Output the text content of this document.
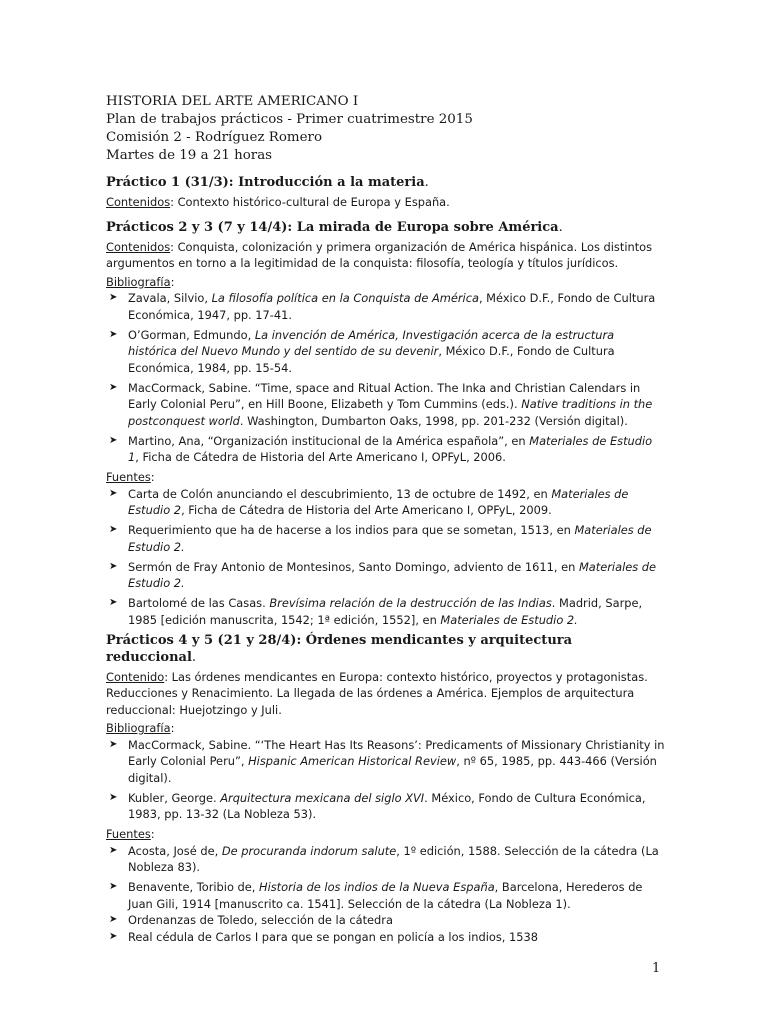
HISTORIA DEL ARTE AMERICANO I
Plan de trabajos prácticos - Primer cuatrimestre 2015
Comisión 2 - Rodríguez Romero
Martes de 19 a 21 horas
Práctico 1 (31/3): Introducción a la materia.

Contenidos: Contexto histórico-cultural de Europa y España.

Prácticos 2 y 3 (7 y 14/4): La mirada de Europa sobre América.

Contenidos: Conquista, colonización y primera organización de América hispánica. Los distintos argumentos en torno a la legitimidad de la conquista: filosofía, teología y títulos jurídicos.

Bibliografía:

➤ Zavala, Silvio, La filosofía política en la Conquista de América, México D.F., Fondo de Cultura Económica, 1947, pp. 17-41.
➤ O’Gorman, Edmundo, La invención de América, Investigación acerca de la estructura histórica del Nuevo Mundo y del sentido de su devenir, México D.F., Fondo de Cultura Económica, 1984, pp. 15-54.
➤ MacCormack, Sabine. “Time, space and Ritual Action. The Inka and Christian Calendars in Early Colonial Peru”, en Hill Boone, Elizabeth y Tom Cummins (eds.). Native traditions in the postconquest world. Washington, Dumbarton Oaks, 1998, pp. 201-232 (Versión digital).
➤ Martino, Ana, “Organización institucional de la América española”, en Materiales de Estudio 1, Ficha de Cátedra de Historia del Arte Americano I, OPFyL, 2006.

Fuentes:

➤ Carta de Colón anunciando el descubrimiento, 13 de octubre de 1492, en Materiales de Estudio 2, Ficha de Cátedra de Historia del Arte Americano I, OPFyL, 2009.
➤ Requerimiento que ha de hacerse a los indios para que se sometan, 1513, en Materiales de Estudio 2.
➤ Sermón de Fray Antonio de Montesinos, Santo Domingo, adviento de 1611, en Materiales de Estudio 2.
➤ Bartolomé de las Casas. Brevísima relación de la destrucción de las Indias. Madrid, Sarpe, 1985 [edición manuscrita, 1542; 1ª edición, 1552], en Materiales de Estudio 2.
Prácticos 4 y 5 (21 y 28/4): Órdenes mendicantes y arquitectura reduccional.

Contenido: Las órdenes mendicantes en Europa: contexto histórico, proyectos y protagonistas. Reducciones y Renacimiento. La llegada de las órdenes a América. Ejemplos de arquitectura reduccional: Huejotzingo y Juli.

Bibliografía:

➤ MacCormack, Sabine. “‘The Heart Has Its Reasons’: Predicaments of Missionary Christianity in Early Colonial Peru”, Hispanic American Historical Review, nº 65, 1985, pp. 443-466 (Versión digital).
➤ Kubler, George. Arquitectura mexicana del siglo XVI. México, Fondo de Cultura Económica, 1983, pp. 13-32 (La Nobleza 53).

Fuentes:

➤ Acosta, José de, De procuranda indorum salute, 1º edición, 1588. Selección de la cátedra (La Nobleza 83).
➤ Benavente, Toribio de, Historia de los indios de la Nueva España, Barcelona, Herederos de Juan Gili, 1914 [manuscrito ca. 1541]. Selección de la cátedra (La Nobleza 1).
➤ Ordenanzas de Toledo, selección de la cátedra
➤ Real cédula de Carlos I para que se pongan en policía a los indios, 1538
1
